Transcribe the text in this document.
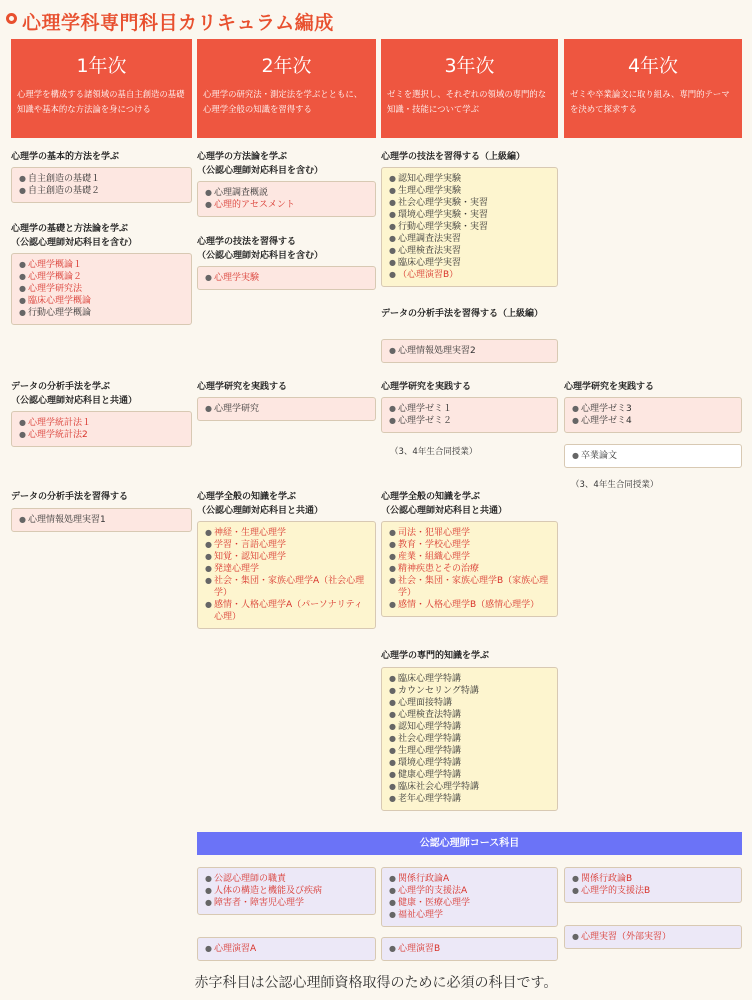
心理学科専門科目カリキュラム編成
1年次
心理学を構成する諸領域の基自主創造の基礎知識や基本的な方法論を身につける
2年次
心理学の研究法・測定法を学ぶとともに、心理学全般の知識を習得する
3年次
ゼミを選択し、それぞれの領域の専門的な知識・技能について学ぶ
4年次
ゼミや卒業論文に取り組み、専門的テーマを決めて探求する
心理学の基本的方法を学ぶ
● 自主創造の基礎１
● 自主創造の基礎２
心理学の基礎と方法論を学ぶ
（公認心理師対応科目を含む）
● 心理学概論１
● 心理学概論２
● 心理学研究法
● 臨床心理学概論
● 行動心理学概論
データの分析手法を学ぶ
（公認心理師対応科目と共通）
● 心理学統計法１
● 心理学統計法2
データの分析手法を習得する
● 心理情報処理実習1
心理学の方法論を学ぶ
（公認心理師対応科目を含む）
● 心理調査概説
● 心理的アセスメント
心理学の技法を習得する
（公認心理師対応科目を含む）
● 心理学実験
心理学研究を実践する
● 心理学研究
心理学全般の知識を学ぶ
（公認心理師対応科目と共通）
● 神経・生理心理学
● 学習・言語心理学
● 知覚・認知心理学
● 発達心理学
● 社会・集団・家族心理学A（社会心理学）
● 感情・人格心理学A（パーソナリティ心理）
心理学の技法を習得する（上級編）
● 認知心理学実験
● 生理心理学実験
● 社会心理学実験・実習
● 環境心理学実験・実習
● 行動心理学実験・実習
● 心理調査法実習
● 心理検査法実習
● 臨床心理学実習
● （心理演習B）
データの分析手法を習得する（上級編）
● 心理情報処理実習2
心理学研究を実践する
● 心理学ゼミ１
● 心理学ゼミ２
（3、4年生合同授業）
心理学全般の知識を学ぶ
（公認心理師対応科目と共通）
● 司法・犯罪心理学
● 教育・学校心理学
● 産業・組織心理学
● 精神疾患とその治療
● 社会・集団・家族心理学B（家族心理学）
● 感情・人格心理学B（感情心理学）
心理学の専門的知識を学ぶ
● 臨床心理学特講
● カウンセリング特講
● 心理面接特講
● 心理検査法特講
● 認知心理学特講
● 社会心理学特講
● 生理心理学特講
● 環境心理学特講
● 健康心理学特講
● 臨床社会心理学特講
● 老年心理学特講
心理学研究を実践する
● 心理学ゼミ3
● 心理学ゼミ4
● 卒業論文
（3、4年生合同授業）
公認心理師コース科目
● 公認心理師の職責
● 人体の構造と機能及び疾病
● 障害者・障害児心理学
● 心理演習A
● 関係行政論A
● 心理学的支援法A
● 健康・医療心理学
● 福祉心理学
● 心理演習B
● 関係行政論B
● 心理学的支援法B
● 心理実習（外部実習）
赤字科目は公認心理師資格取得のために必須の科目です。
